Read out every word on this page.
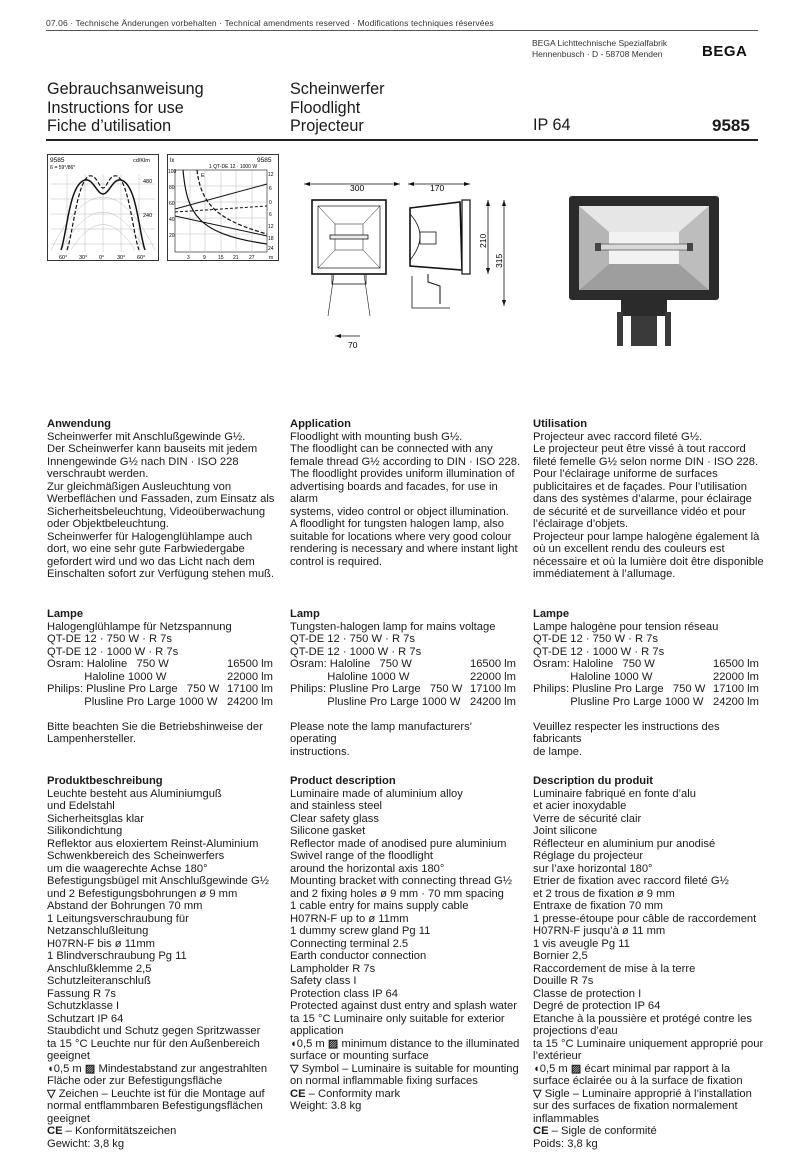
07.06 · Technische Änderungen vorbehalten · Technical amendments reserved · Modifications techniques réservées
BEGA Lichttechnische Spezialfabrik
Hennenbusch · D - 58708 Menden	BEGA
Gebrauchsanweisung
Instructions for use
Fiche d’utilisation
Scheinwerfer
Floodlight
Projecteur	IP 64	9585
9585	cd/Klm
ß = 59°/86°
480
240
60° 30° 0° 30° 60°
lx	9585
1 QT-DE 12 · 1000 W
E
100
80
60
40
20
12
6
0
6
12
18
24
3	9 15 21 27	m
300	170
70
210
315
Anwendung

Scheinwerfer mit Anschlußgewinde G½.
Der Scheinwerfer kann bauseits mit jedem
Innengewinde G½ nach DIN · ISO 228
verschraubt werden.
Zur gleichmäßigen Ausleuchtung von
Werbeflächen und Fassaden, zum Einsatz als
Sicherheitsbeleuchtung, Videoüberwachung
oder Objektbeleuchtung.
Scheinwerfer für Halogenglühlampe auch
dort, wo eine sehr gute Farbwiedergabe
gefordert wird und wo das Licht nach dem
Einschalten sofort zur Verfügung stehen muß.

Application

Floodlight with mounting bush G½.
The floodlight can be connected with any
female thread G½ according to DIN · ISO 228.
The floodlight provides uniform illumination of
advertising boards and facades, for use in alarm
systems, video control or object illumination.
A floodlight for tungsten halogen lamp, also
suitable for locations where very good colour
rendering is necessary and where instant light
control is required.

Utilisation

Projecteur avec raccord fileté G½.
Le projecteur peut être vissé à tout raccord
fileté femelle G½ selon norme DIN · ISO 228.
Pour l’éclairage uniforme de surfaces
publicitaires et de façades. Pour l’utilisation
dans des systèmes d’alarme, pour éclairage
de sécurité et de surveillance vidéo et pour
l’éclairage d’objets.
Projecteur pour lampe halogène également là
où un excellent rendu des couleurs est
nécessaire et où la lumière doit être disponible
immédiatement à l’allumage.

Lampe

Halogenglühlampe für Netzspannung
QT-DE 12 · 750 W · R 7s
QT-DE 12 · 1000 W · R 7s

Osram: Haloline   750 W	16500 lm
Haloline 1000 W	22000 lm
Philips: Plusline Pro Large   750 W 17100 lm
Plusline Pro Large 1000 W 24200 lm

Bitte beachten Sie die Betriebshinweise der
Lampenhersteller.

Lamp

Tungsten-halogen lamp for mains voltage
QT-DE 12 · 750 W · R 7s
QT-DE 12 · 1000 W · R 7s

Osram: Haloline   750 W	16500 lm
Haloline 1000 W	22000 lm
Philips: Plusline Pro Large   750 W 17100 lm
Plusline Pro Large 1000 W 24200 lm

Please note the lamp manufacturers' operating
instructions.

Lampe

Lampe halogène pour tension réseau
QT-DE 12 · 750 W · R 7s
QT-DE 12 · 1000 W · R 7s

Osram: Haloline   750 W	16500 lm
Haloline 1000 W	22000 lm
Philips: Plusline Pro Large   750 W 17100 lm
Plusline Pro Large 1000 W 24200 lm

Veuillez respecter les instructions des fabricants
de lampe.

Produktbeschreibung

Leuchte besteht aus Aluminiumguß
und Edelstahl
Sicherheitsglas klar
Silikondichtung
Reflektor aus eloxiertem Reinst-Aluminium
Schwenkbereich des Scheinwerfers
um die waagerechte Achse 180°
Befestigungsbügel mit Anschlußgewinde G½
und 2 Befestigungsbohrungen ø 9 mm
Abstand der Bohrungen 70 mm
1 Leitungsverschraubung für
Netzanschlußleitung
H07RN-F bis ø 11mm
1 Blindverschraubung Pg 11
Anschlußklemme 2,5
Schutzleiteranschluß
Fassung R 7s
Schutzklasse I
Schutzart IP 64
Staubdicht und Schutz gegen Spritzwasser
ta 15 °C Leuchte nur für den Außenbereich
geeignet

◖0,5 m ▨ Mindestabstand zur angestrahlten
Fläche oder zur Befestigungsfläche

▽ Zeichen – Leuchte ist für die Montage auf
normal entflammbaren Befestigungsflächen
geeignet

CE – Konformitätszeichen

Gewicht: 3,8 kg

Product description

Luminaire made of aluminium alloy
and stainless steel
Clear safety glass
Silicone gasket
Reflector made of anodised pure aluminium
Swivel range of the floodlight
around the horizontal axis 180°
Mounting bracket with connecting thread G½
and 2 fixing holes ø 9 mm · 70 mm spacing
1 cable entry for mains supply cable
H07RN-F up to ø 11mm
1 dummy screw gland Pg 11
Connecting terminal 2.5
Earth conductor connection
Lampholder R 7s
Safety class I
Protection class IP 64
Protected against dust entry and splash water
ta 15 °C Luminaire only suitable for exterior
application

◖0,5 m ▨ minimum distance to the illuminated
surface or mounting surface

▽ Symbol – Luminaire is suitable for mounting
on normal inflammable fixing surfaces

CE – Conformity mark

Weight: 3.8 kg

Description du produit

Luminaire fabriqué en fonte d’alu
et acier inoxydable
Verre de sécurité clair
Joint silicone
Réflecteur en aluminium pur anodisé
Réglage du projecteur
sur l’axe horizontal 180°
Etrier de fixation avec raccord fileté G½
et 2 trous de fixation ø 9 mm
Entraxe de fixation 70 mm
1 presse-étoupe pour câble de raccordement
H07RN-F jusqu’à ø 11 mm
1 vis aveugle Pg 11
Bornier 2,5
Raccordement de mise à la terre
Douille R 7s
Classe de protection I
Degré de protection IP 64
Etanche à la poussière et protégé contre les
projections d’eau
ta 15 °C Luminaire uniquement approprié pour
l’extérieur

◖0,5 m ▨ écart minimal par rapport à la
surface éclairée ou à la surface de fixation

▽ Sigle – Luminaire approprié à l’installation
sur des surfaces de fixation normalement
inflammables

CE – Sigle de conformité

Poids: 3,8 kg
